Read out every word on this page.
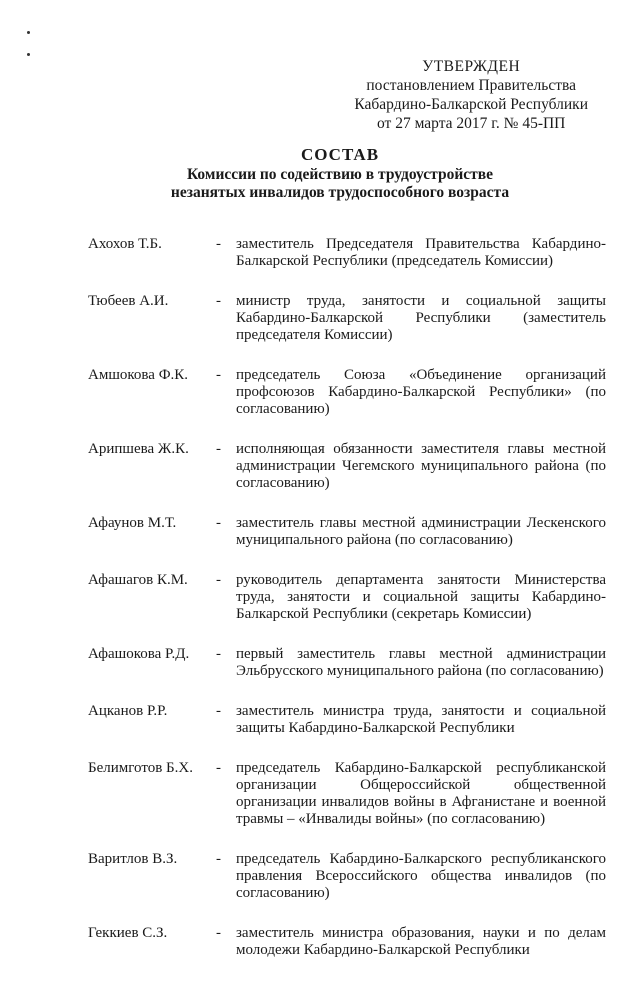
УТВЕРЖДЕН
постановлением Правительства
Кабардино-Балкарской Республики
от 27 марта 2017 г. № 45-ПП
СОСТАВ
Комиссии по содействию в трудоустройстве
незанятых инвалидов трудоспособного возраста
Ахохов Т.Б.	-	заместитель Председателя Правительства Кабардино-Балкарской Республики (председатель Комиссии)
Тюбеев А.И.	-	министр труда, занятости и социальной защиты Кабардино-Балкарской Республики (заместитель председателя Комиссии)
Амшокова Ф.К.	-	председатель Союза «Объединение организаций профсоюзов Кабардино-Балкарской Республики» (по согласованию)
Арипшева Ж.К.	-	исполняющая обязанности заместителя главы местной администрации Чегемского муниципального района (по согласованию)
Афаунов М.Т.	-	заместитель главы местной администрации Лескенского муниципального района (по согласованию)
Афашагов К.М.	-	руководитель департамента занятости Министерства труда, занятости и социальной защиты Кабардино-Балкарской Республики (секретарь Комиссии)
Афашокова Р.Д.	-	первый заместитель главы местной администрации Эльбрусского муниципального района (по согласованию)
Ацканов Р.Р.	-	заместитель министра труда, занятости и социальной защиты Кабардино-Балкарской Республики
Белимготов Б.Х.	-	председатель Кабардино-Балкарской республиканской организации Общероссийской общественной организации инвалидов войны в Афганистане и военной травмы – «Инвалиды войны» (по согласованию)
Варитлов В.З.	-	председатель Кабардино-Балкарского республиканского правления Всероссийского общества инвалидов (по согласованию)
Геккиев С.З.	-	заместитель министра образования, науки и по делам молодежи Кабардино-Балкарской Республики
